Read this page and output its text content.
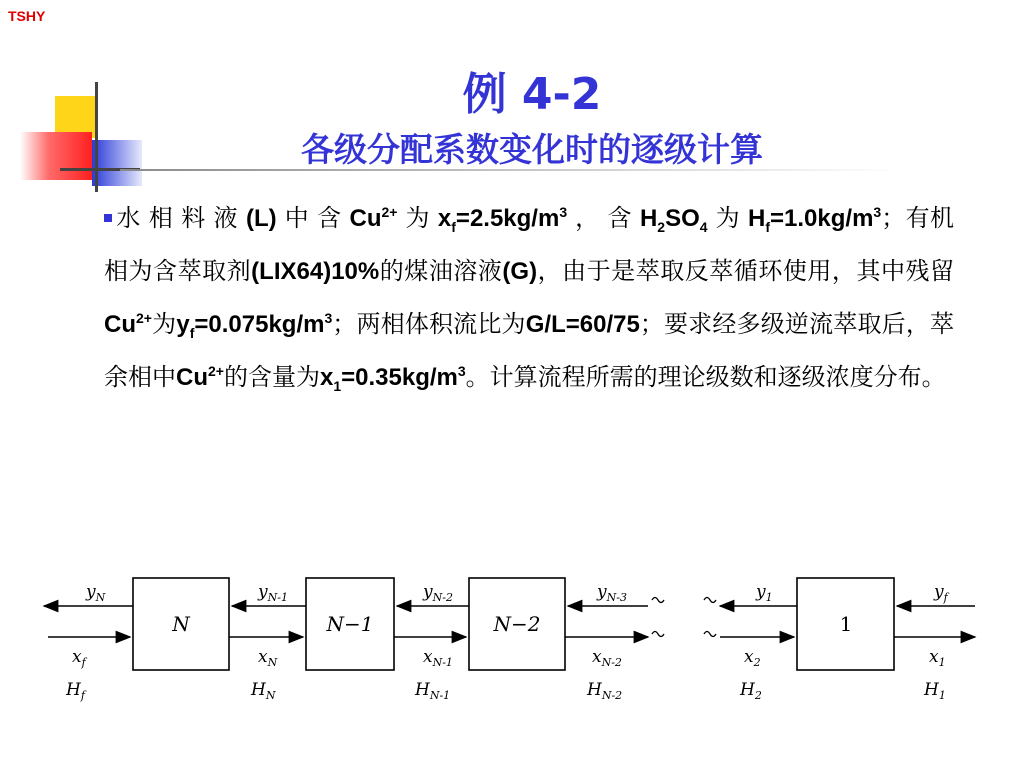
TSHY
例 4-2
各级分配系数变化时的逐级计算
水 相 料 液 (L) 中 含 $Cu^{2+}$ 为 $x_f=2.5kg/m^3$ ， 含 $H_2SO_4$ 为 $H_f=1.0kg/m^3$；有机相为含萃取剂(LIX64)10%的煤油溶液(G)，由于是萃取反萃循环使用，其中残留$Cu^{2+}$为$y_f=0.075kg/m^3$；两相体积流比为G/L=60/75；要求经多级逆流萃取后，萃余相中$Cu^{2+}$的含量为$x_1=0.35kg/m^3$。计算流程所需的理论级数和逐级浓度分布。
N	N−1	N−2	1
$y_N$	$y_{N-1}$	$y_{N-2}$	$y_{N-3}$	$y_1$	$y_f$
$x_f$	$x_N$	$x_{N-1}$	$x_{N-2}$	$x_2$	$x_1$
$H_f$	$H_N$	$H_{N-1}$	$H_{N-2}$	$H_2$	$H_1$
